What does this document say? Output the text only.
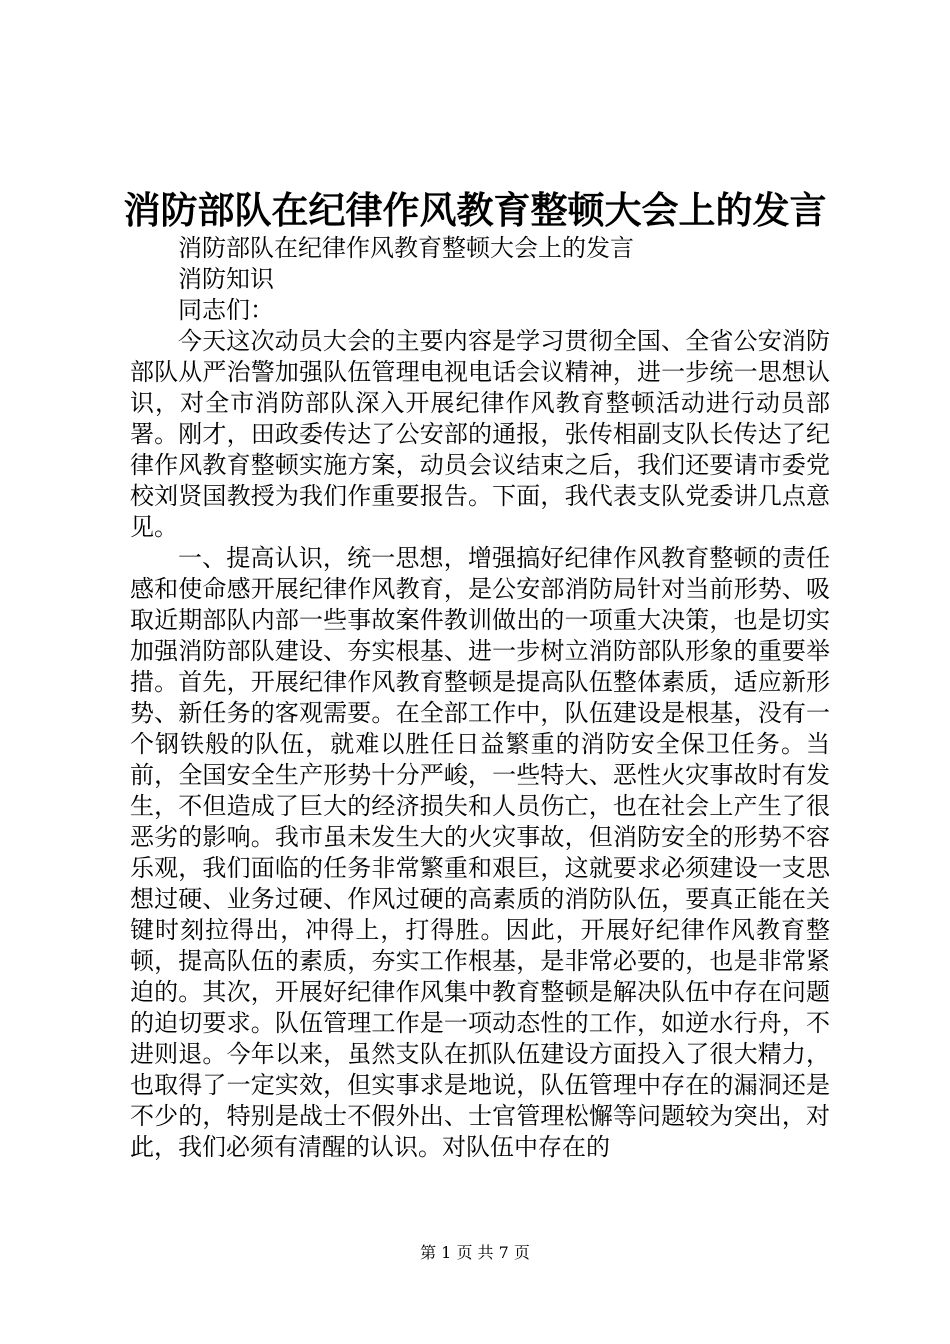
消防部队在纪律作风教育整顿大会上的发言

消防部队在纪律作风教育整顿大会上的发言

消防知识

同志们：

今天这次动员大会的主要内容是学习贯彻全国、全省公安消防部队从严治警加强队伍管理电视电话会议精神，进一步统一思想认识，对全市消防部队深入开展纪律作风教育整顿活动进行动员部署。刚才，田政委传达了公安部的通报，张传相副支队长传达了纪律作风教育整顿实施方案，动员会议结束之后，我们还要请市委党校刘贤国教授为我们作重要报告。下面，我代表支队党委讲几点意见。

一、提高认识，统一思想，增强搞好纪律作风教育整顿的责任感和使命感开展纪律作风教育，是公安部消防局针对当前形势、吸取近期部队内部一些事故案件教训做出的一项重大决策，也是切实加强消防部队建设、夯实根基、进一步树立消防部队形象的重要举措。首先，开展纪律作风教育整顿是提高队伍整体素质，适应新形势、新任务的客观需要。在全部工作中，队伍建设是根基，没有一个钢铁般的队伍，就难以胜任日益繁重的消防安全保卫任务。当前，全国安全生产形势十分严峻，一些特大、恶性火灾事故时有发生，不但造成了巨大的经济损失和人员伤亡，也在社会上产生了很恶劣的影响。我市虽未发生大的火灾事故，但消防安全的形势不容乐观，我们面临的任务非常繁重和艰巨，这就要求必须建设一支思想过硬、业务过硬、作风过硬的高素质的消防队伍，要真正能在关键时刻拉得出，冲得上，打得胜。因此，开展好纪律作风教育整顿，提高队伍的素质，夯实工作根基，是非常必要的，也是非常紧迫的。其次，开展好纪律作风集中教育整顿是解决队伍中存在问题的迫切要求。队伍管理工作是一项动态性的工作，如逆水行舟，不进则退。今年以来，虽然支队在抓队伍建设方面投入了很大精力，也取得了一定实效，但实事求是地说，队伍管理中存在的漏洞还是不少的，特别是战士不假外出、士官管理松懈等问题较为突出，对此，我们必须有清醒的认识。对队伍中存在的

第 1 页 共 7 页
